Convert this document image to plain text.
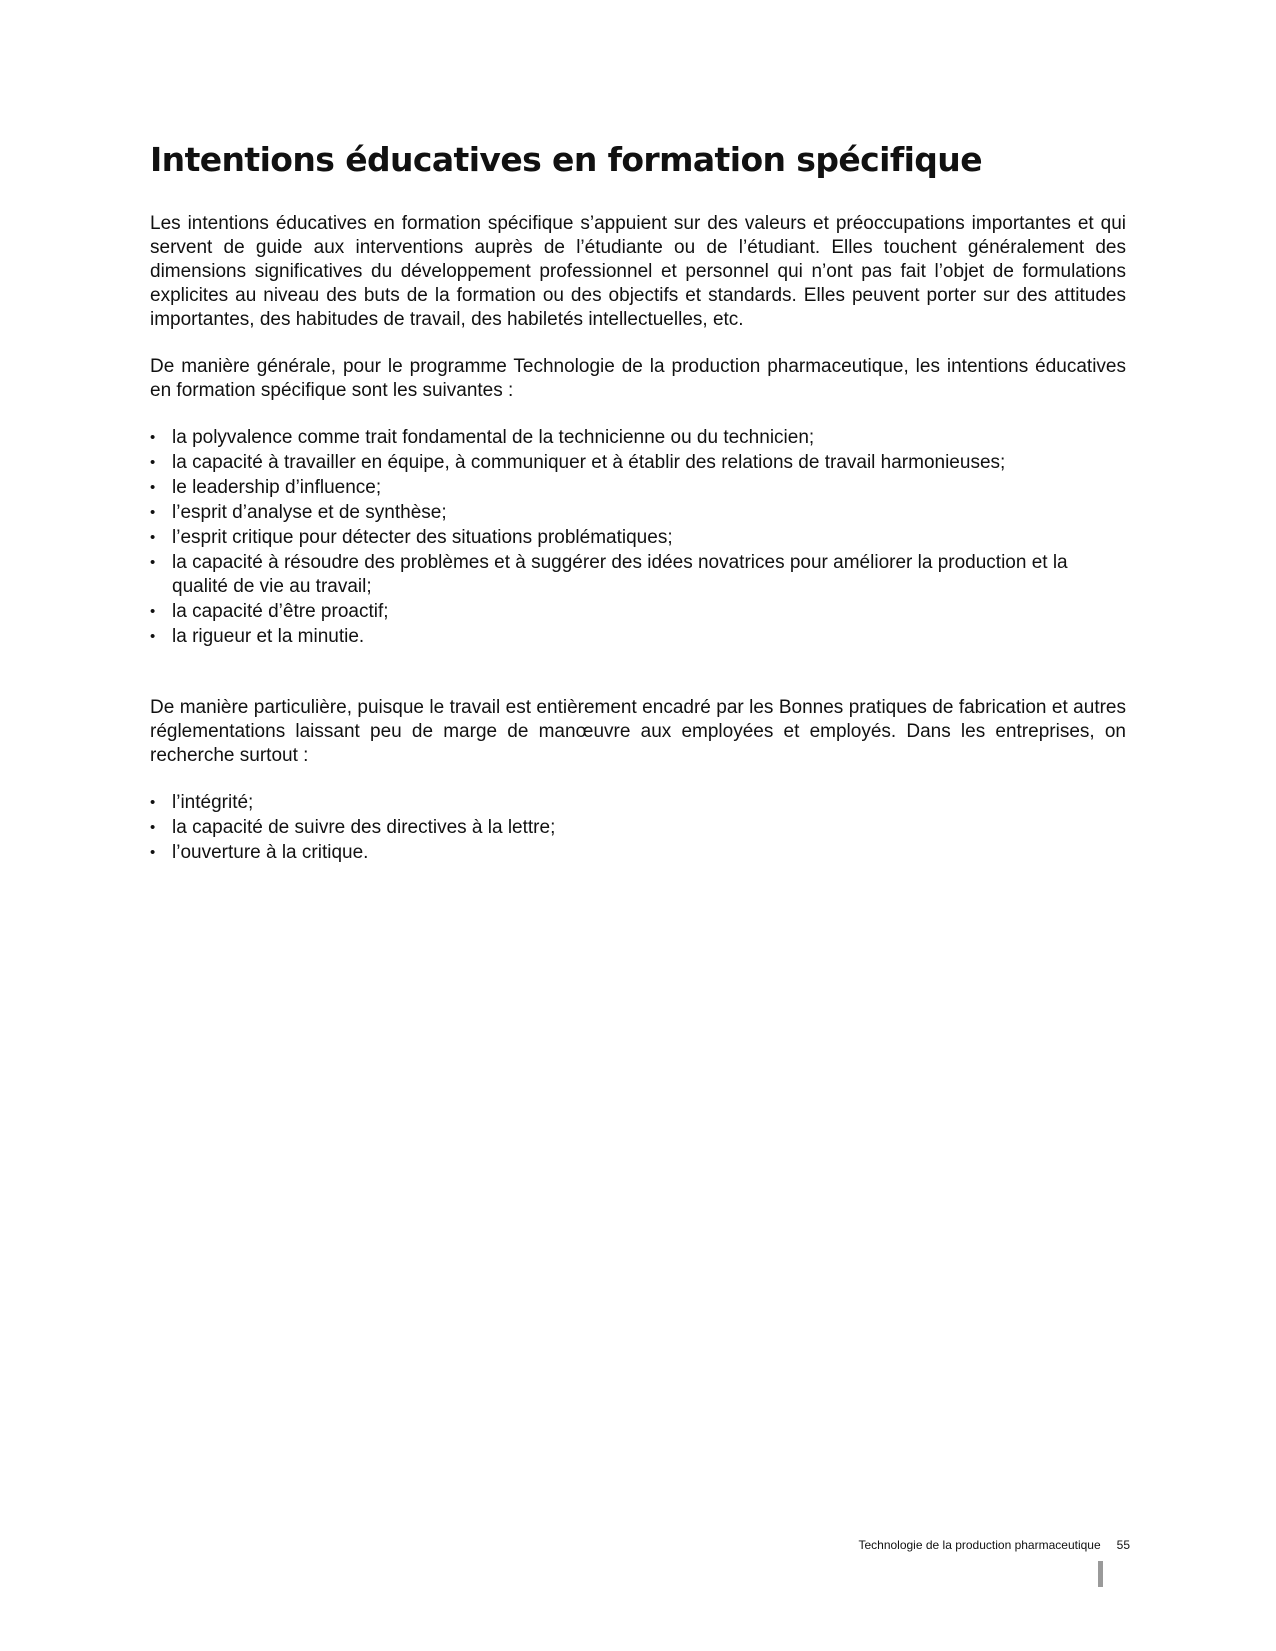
Intentions éducatives en formation spécifique

Les intentions éducatives en formation spécifique s’appuient sur des valeurs et préoccupations importantes et qui servent de guide aux interventions auprès de l’étudiante ou de l’étudiant. Elles touchent généralement des dimensions significatives du développement professionnel et personnel qui n’ont pas fait l’objet de formulations explicites au niveau des buts de la formation ou des objectifs et standards. Elles peuvent porter sur des attitudes importantes, des habitudes de travail, des habiletés intellectuelles, etc.

De manière générale, pour le programme Technologie de la production pharmaceutique, les intentions éducatives en formation spécifique sont les suivantes :

• la polyvalence comme trait fondamental de la technicienne ou du technicien;
• la capacité à travailler en équipe, à communiquer et à établir des relations de travail harmonieuses;
• le leadership d’influence;
• l’esprit d’analyse et de synthèse;
• l’esprit critique pour détecter des situations problématiques;
• la capacité à résoudre des problèmes et à suggérer des idées novatrices pour améliorer la production et la qualité de vie au travail;
• la capacité d’être proactif;
• la rigueur et la minutie.

De manière particulière, puisque le travail est entièrement encadré par les Bonnes pratiques de fabrication et autres réglementations laissant peu de marge de manœuvre aux employées et employés. Dans les entreprises, on recherche surtout :

• l’intégrité;
• la capacité de suivre des directives à la lettre;
• l’ouverture à la critique.
Technologie de la production pharmaceutique 55
